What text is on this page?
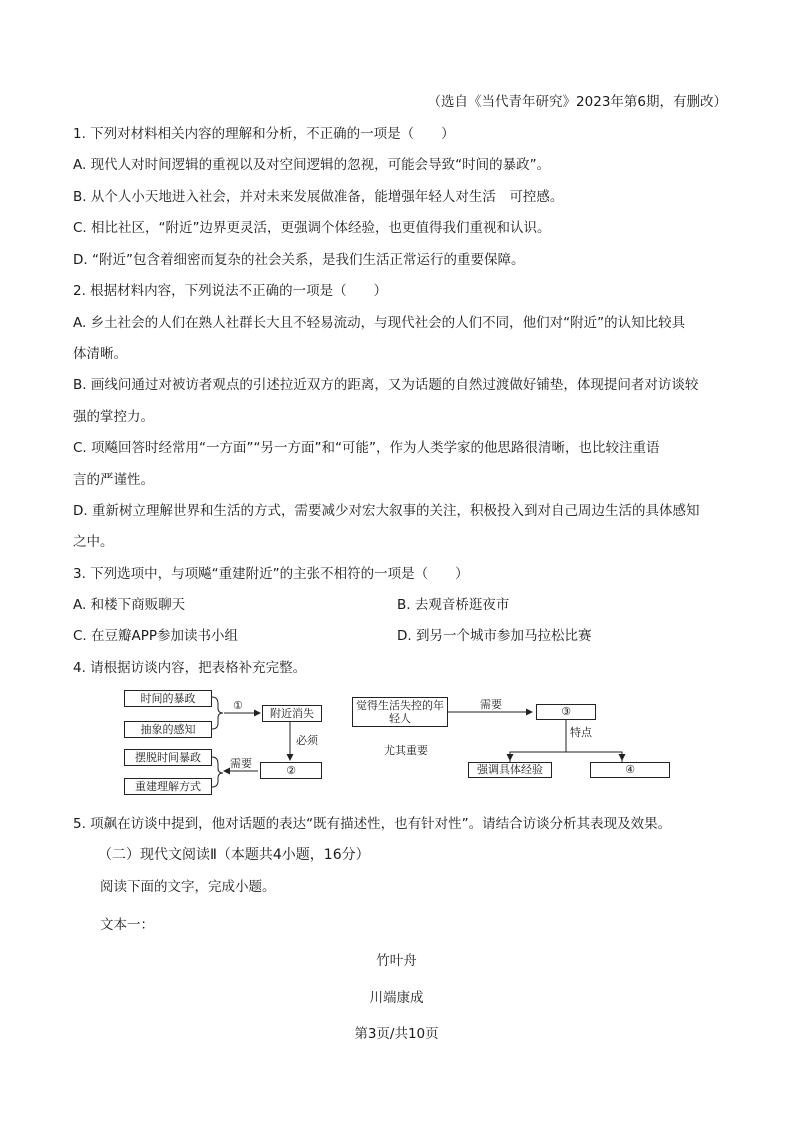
（选自《当代青年研究》2023年第6期，有删改）
1. 下列对材料相关内容的理解和分析，不正确的一项是（　　）
A. 现代人对时间逻辑的重视以及对空间逻辑的忽视，可能会导致“时间的暴政”。
B. 从个人小天地进入社会，并对未来发展做准备，能增强年轻人对生活　可控感。
C. 相比社区，“附近”边界更灵活，更强调个体经验，也更值得我们重视和认识。
D. “附近”包含着细密而复杂的社会关系，是我们生活正常运行的重要保障。
2. 根据材料内容，下列说法不正确的一项是（　　）
A. 乡土社会的人们在熟人社群长大且不轻易流动，与现代社会的人们不同，他们对“附近”的认知比较具
体清晰。
B. 画线问通过对被访者观点的引述拉近双方的距离，又为话题的自然过渡做好铺垫，体现提问者对访谈较
强的掌控力。
C. 项飚回答时经常用“一方面”“另一方面”和“可能”，作为人类学家的他思路很清晰，也比较注重语
言的严谨性。
D. 重新树立理解世界和生活的方式，需要减少对宏大叙事的关注，积极投入到对自己周边生活的具体感知
之中。
3. 下列选项中，与项飚“重建附近”的主张不相符的一项是（　　）
A. 和楼下商贩聊天	B. 去观音桥逛夜市
C. 在豆瓣APP参加读书小组	D. 到另一个城市参加马拉松比赛
4. 请根据访谈内容，把表格补充完整。
时间的暴政
抽象的感知
①
附近消失
必须
摆脱时间暴政
重建理解方式
需要
②
觉得生活失控的年轻人
需要
③
尤其重要
特点
强调具体经验	④
5. 项飙在访谈中提到，他对话题的表达“既有描述性，也有针对性”。请结合访谈分析其表现及效果。
（二）现代文阅读Ⅱ（本题共4小题，16分）
阅读下面的文字，完成小题。
文本一：
竹叶舟
川端康成
第3页/共10页
